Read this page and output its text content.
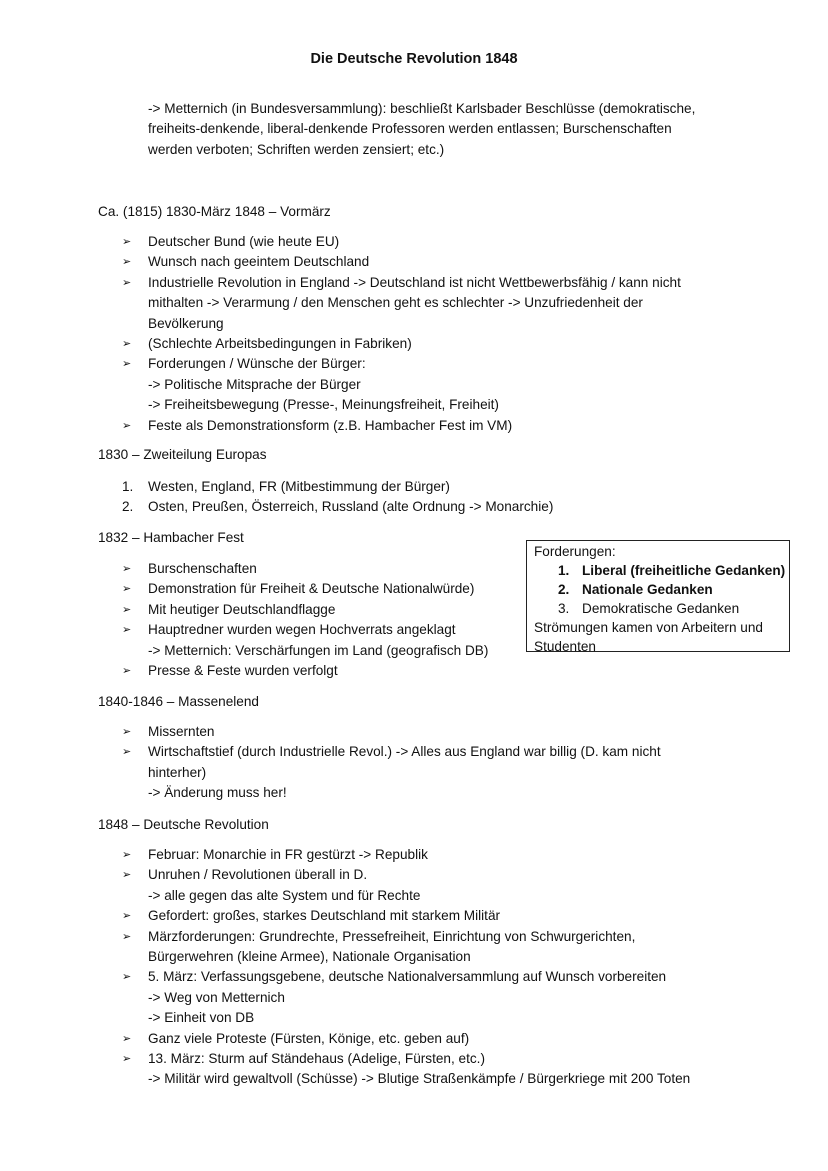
Die Deutsche Revolution 1848
-> Metternich (in Bundesversammlung): beschließt Karlsbader Beschlüsse (demokratische,
freiheits-denkende, liberal-denkende Professoren werden entlassen; Burschenschaften
werden verboten; Schriften werden zensiert; etc.)
Ca. (1815) 1830-März 1848 – Vormärz
➢	Deutscher Bund (wie heute EU)
➢	Wunsch nach geeintem Deutschland
➢	Industrielle Revolution in England -> Deutschland ist nicht Wettbewerbsfähig / kann nicht
mithalten -> Verarmung / den Menschen geht es schlechter -> Unzufriedenheit der
Bevölkerung
➢	(Schlechte Arbeitsbedingungen in Fabriken)
➢	Forderungen / Wünsche der Bürger:
-> Politische Mitsprache der Bürger
-> Freiheitsbewegung (Presse-, Meinungsfreiheit, Freiheit)
➢	Feste als Demonstrationsform (z.B. Hambacher Fest im VM)
1830 – Zweiteilung Europas
1.	Westen, England, FR (Mitbestimmung der Bürger)
2.	Osten, Preußen, Österreich, Russland (alte Ordnung -> Monarchie)
1832 – Hambacher Fest
➢	Burschenschaften
➢	Demonstration für Freiheit & Deutsche Nationalwürde)
➢	Mit heutiger Deutschlandflagge
➢	Hauptredner wurden wegen Hochverrats angeklagt
-> Metternich: Verschärfungen im Land (geografisch DB)
➢	Presse & Feste wurden verfolgt
Forderungen:
1. Liberal (freiheitliche Gedanken)
2. Nationale Gedanken
3. Demokratische Gedanken
Strömungen kamen von Arbeitern und
Studenten
1840-1846 – Massenelend
➢	Missernten
➢	Wirtschaftstief (durch Industrielle Revol.) -> Alles aus England war billig (D. kam nicht
hinterher)
-> Änderung muss her!
1848 – Deutsche Revolution
➢	Februar: Monarchie in FR gestürzt -> Republik
➢	Unruhen / Revolutionen überall in D.
-> alle gegen das alte System und für Rechte
➢	Gefordert: großes, starkes Deutschland mit starkem Militär
➢	Märzforderungen: Grundrechte, Pressefreiheit, Einrichtung von Schwurgerichten,
Bürgerwehren (kleine Armee), Nationale Organisation
➢	5. März: Verfassungsgebene, deutsche Nationalversammlung auf Wunsch vorbereiten
-> Weg von Metternich
-> Einheit von DB
➢	Ganz viele Proteste (Fürsten, Könige, etc. geben auf)
➢	13. März: Sturm auf Ständehaus (Adelige, Fürsten, etc.)
-> Militär wird gewaltvoll (Schüsse) -> Blutige Straßenkämpfe / Bürgerkriege mit 200 Toten
